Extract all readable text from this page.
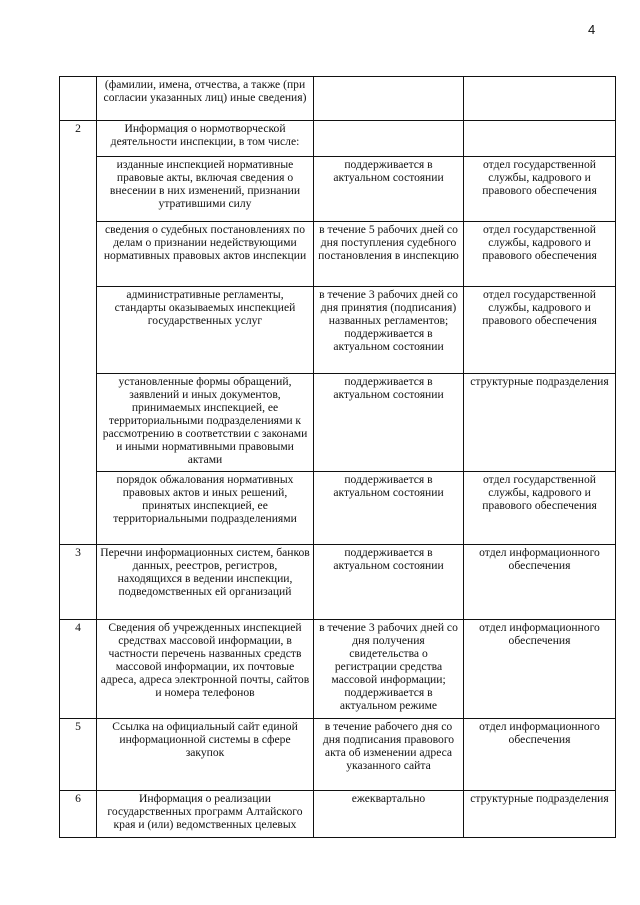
4
	(фамилии, имена, отчества, а также (при согласии указанных лиц) иные сведения)		
2	Информация о нормотворческой деятельности инспекции, в том числе:		
	изданные инспекцией нормативные правовые акты, включая сведения о внесении в них изменений, признании утратившими силу	поддерживается в актуальном состоянии	отдел государственной службы, кадрового и правового обеспечения
	сведения о судебных постановлениях по делам о признании недействующими нормативных правовых актов инспекции	в течение 5 рабочих дней со дня поступления судебного постановления в инспекцию	отдел государственной службы, кадрового и правового обеспечения
	административные регламенты, стандарты оказываемых инспекцией государственных услуг	в течение 3 рабочих дней со дня принятия (подписания) названных регламентов; поддерживается в актуальном состоянии	отдел государственной службы, кадрового и правового обеспечения
	установленные формы обращений, заявлений и иных документов, принимаемых инспекцией, ее территориальными подразделениями к рассмотрению в соответствии с законами и иными нормативными правовыми актами	поддерживается в актуальном состоянии	структурные подразделения
	порядок обжалования нормативных правовых актов и иных решений, принятых инспекцией, ее территориальными подразделениями	поддерживается в актуальном состоянии	отдел государственной службы, кадрового и правового обеспечения
3	Перечни информационных систем, банков данных, реестров, регистров, находящихся в ведении инспекции, подведомственных ей организаций	поддерживается в актуальном состоянии	отдел информационного обеспечения
4	Сведения об учрежденных инспекцией средствах массовой информации, в частности перечень названных средств массовой информации, их почтовые адреса, адреса электронной почты, сайтов и номера телефонов	в течение 3 рабочих дней со дня получения свидетельства о регистрации средства массовой информации; поддерживается в актуальном режиме	отдел информационного обеспечения
5	Ссылка на официальный сайт единой информационной системы в сфере закупок	в течение рабочего дня со дня подписания правового акта об изменении адреса указанного сайта	отдел информационного обеспечения
6	Информация о реализации государственных программ Алтайского края и (или) ведомственных целевых	ежеквартально	структурные подразделения
